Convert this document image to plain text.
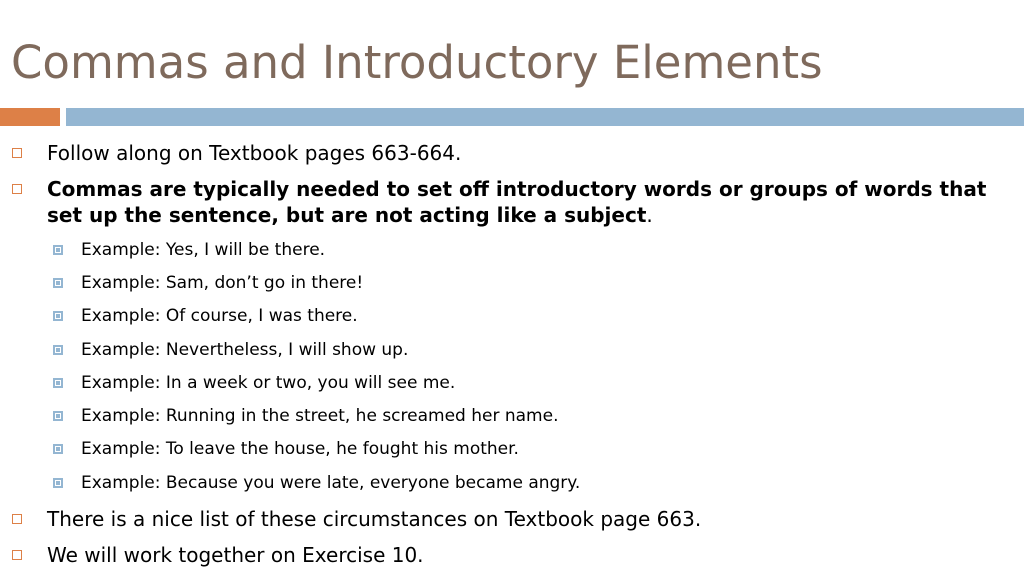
Commas and Introductory Elements
Follow along on Textbook pages 663-664.
Commas are typically needed to set off introductory words or groups of words that set up the sentence, but are not acting like a subject.
Example: Yes, I will be there.
Example: Sam, don’t go in there!
Example: Of course, I was there.
Example: Nevertheless, I will show up.
Example: In a week or two, you will see me.
Example: Running in the street, he screamed her name.
Example: To leave the house, he fought his mother.
Example: Because you were late, everyone became angry.
There is a nice list of these circumstances on Textbook page 663.
We will work together on Exercise 10.
